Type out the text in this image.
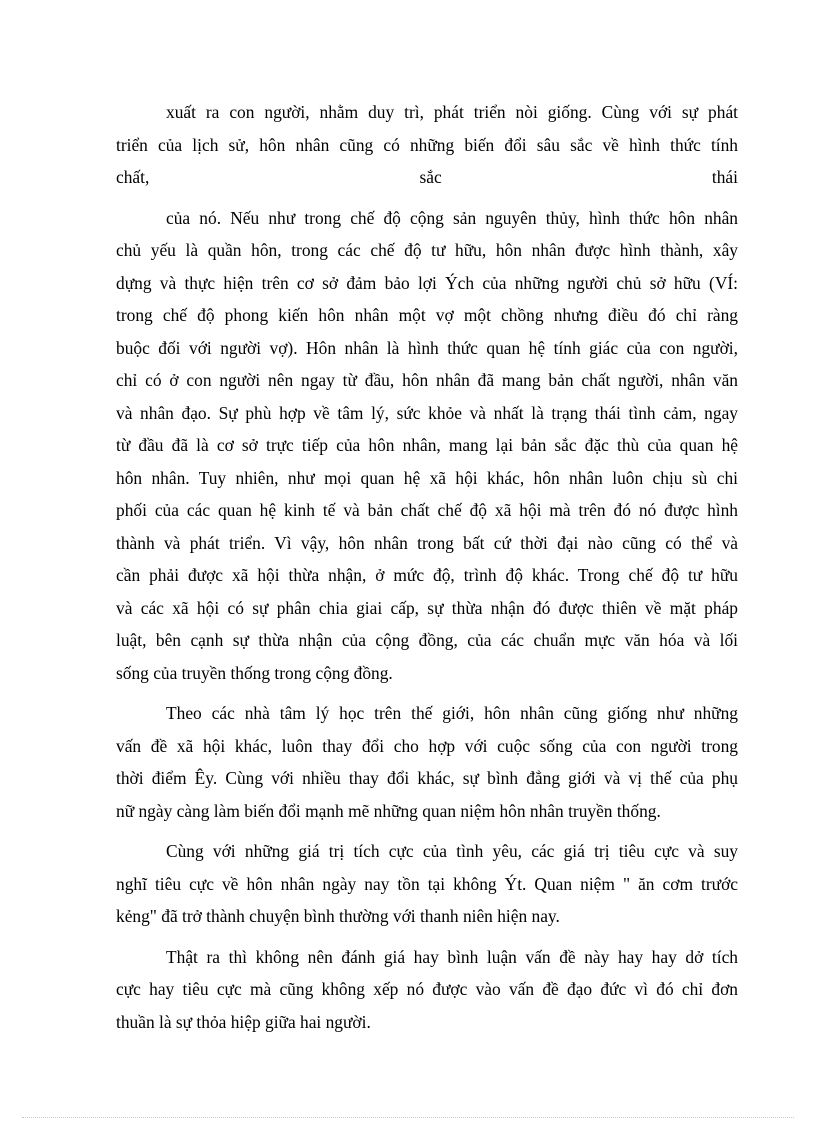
xuất ra con người, nhằm duy trì, phát triển nòi giống. Cùng với sự phát
triển của lịch sử, hôn nhân cũng có những biến đổi sâu sắc về hình thức tính
chất,	sắc	thái
của nó. Nếu như trong chế độ cộng sản nguyên thủy, hình thức hôn nhân
chủ yếu là quần hôn, trong các chế độ tư hữu, hôn nhân được hình thành, xây
dựng và thực hiện trên cơ sở đảm bảo lợi Ých của những người chủ sở hữu (VÍ:
trong chế độ phong kiến hôn nhân một vợ một chồng nhưng điều đó chỉ ràng
buộc đối với người vợ). Hôn nhân là hình thức quan hệ tính giác của con người,
chỉ có ở con người nên ngay từ đầu, hôn nhân đã mang bản chất người, nhân văn
và nhân đạo. Sự phù hợp về tâm lý, sức khỏe và nhất là trạng thái tình cảm, ngay
từ đầu đã là cơ sở trực tiếp của hôn nhân, mang lại bản sắc đặc thù của quan hệ
hôn nhân. Tuy nhiên, như mọi quan hệ xã hội khác, hôn nhân luôn chịu sù chi
phối của các quan hệ kinh tế và bản chất chế độ xã hội mà trên đó nó được hình
thành và phát triển. Vì vậy, hôn nhân trong bất cứ thời đại nào cũng có thể và
cần phải được xã hội thừa nhận, ở mức độ, trình độ khác. Trong chế độ tư hữu
và các xã hội có sự phân chia giai cấp, sự thừa nhận đó được thiên về mặt pháp
luật, bên cạnh sự thừa nhận của cộng đồng, của các chuẩn mực văn hóa và lối
sống của truyền thống trong cộng đồng.
Theo các nhà tâm lý học trên thế giới, hôn nhân cũng giống như những
vấn đề xã hội khác, luôn thay đổi cho hợp với cuộc sống của con người trong
thời điểm Êy. Cùng với nhiều thay đổi khác, sự bình đẳng giới và vị thế của phụ
nữ ngày càng làm biến đổi mạnh mẽ những quan niệm hôn nhân truyền thống.
Cùng với những giá trị tích cực của tình yêu, các giá trị tiêu cực và suy
nghĩ tiêu cực về hôn nhân ngày nay tồn tại không Ýt. Quan niệm " ăn cơm trước
kẻng" đã trở thành chuyện bình thường với thanh niên hiện nay.
Thật ra thì không nên đánh giá hay bình luận vấn đề này hay hay dở tích
cực hay tiêu cực mà cũng không xếp nó được vào vấn đề đạo đức vì đó chỉ đơn
thuần là sự thỏa hiệp giữa hai người.
